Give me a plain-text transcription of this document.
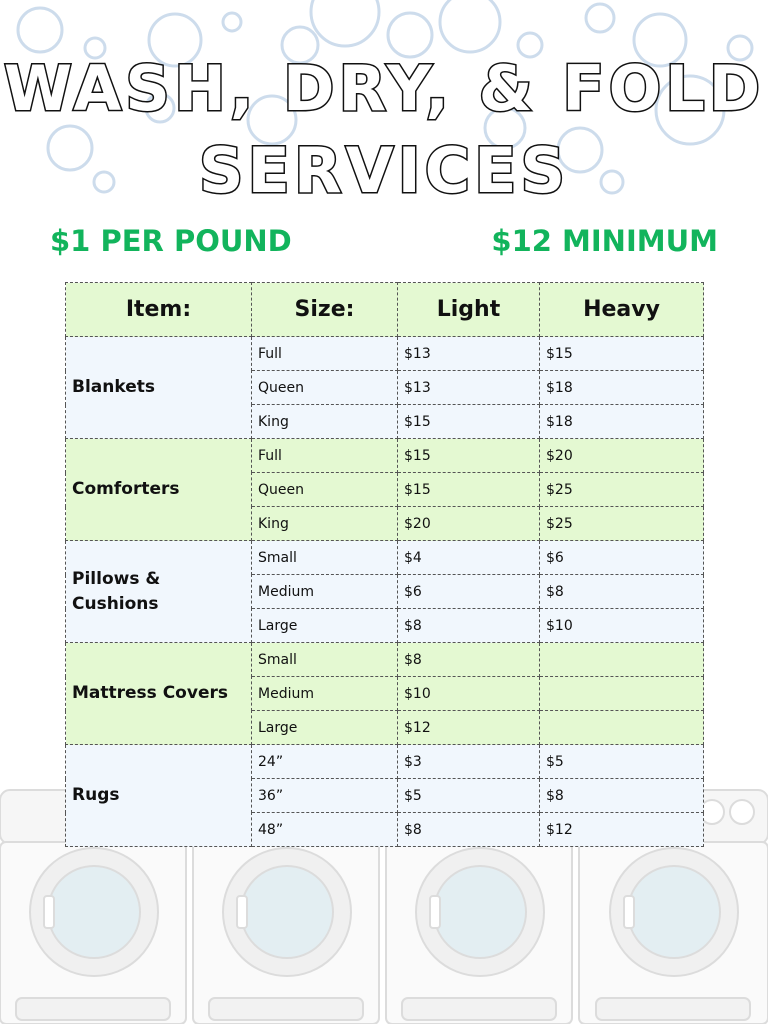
WASH, DRY, & FOLD
SERVICES
$1 PER POUND	$12 MINIMUM
Item:	Size:	Light	Heavy
Blankets	Full	$13	$15
	Queen	$13	$18
	King	$15	$18
Comforters	Full	$15	$20
	Queen	$15	$25
	King	$20	$25
Pillows & Cushions	Small	$4	$6
	Medium	$6	$8
	Large	$8	$10
Mattress Covers	Small	$8	
	Medium	$10	
	Large	$12	
Rugs	24”	$3	$5
	36”	$5	$8
	48”	$8	$12
